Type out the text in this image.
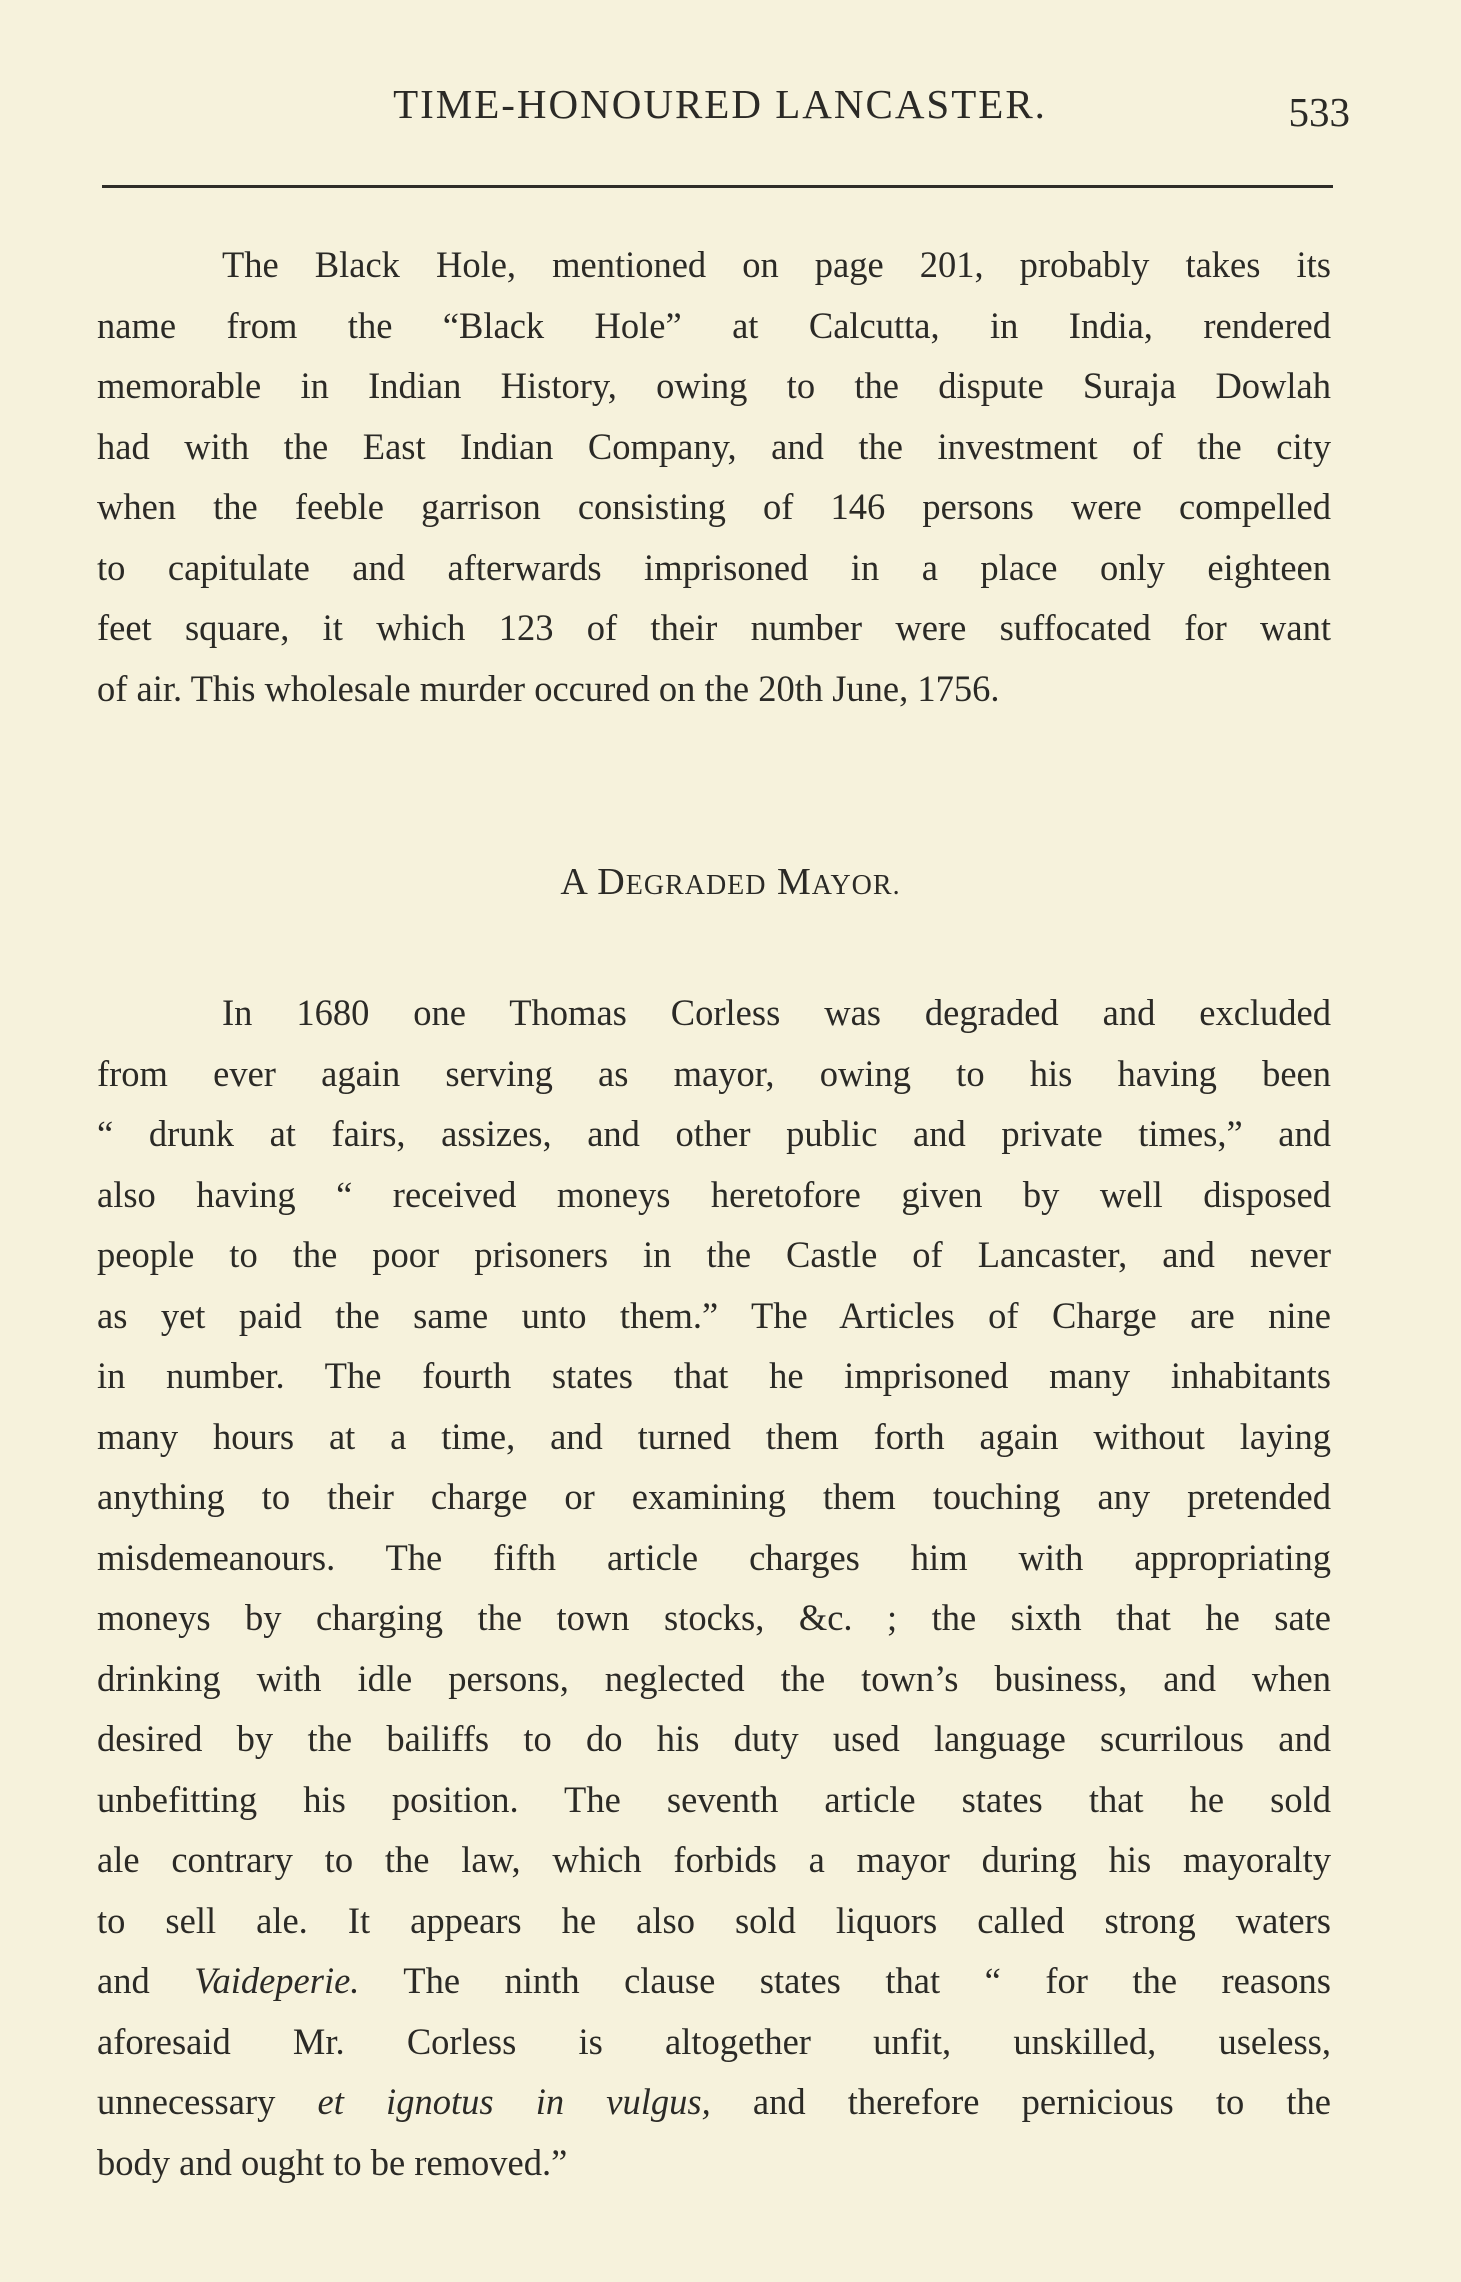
TIME-HONOURED LANCASTER.	533
The Black Hole, mentioned on page 201, probably takes its
name from the “Black Hole” at Calcutta, in India, rendered
memorable in Indian History, owing to the dispute Suraja Dowlah
had with the East Indian Company, and the investment of the city
when the feeble garrison consisting of 146 persons were compelled
to capitulate and afterwards imprisoned in a place only eighteen
feet square, it which 123 of their number were suffocated for want
of air. This wholesale murder occured on the 20th June, 1756.
A DEGRADED MAYOR.
In 1680 one Thomas Corless was degraded and excluded
from ever again serving as mayor, owing to his having been
“ drunk at fairs, assizes, and other public and private times,” and
also having “ received moneys heretofore given by well disposed
people to the poor prisoners in the Castle of Lancaster, and never
as yet paid the same unto them.” The Articles of Charge are nine
in number. The fourth states that he imprisoned many inhabitants
many hours at a time, and turned them forth again without laying
anything to their charge or examining them touching any pretended
misdemeanours. The fifth article charges him with appropriating
moneys by charging the town stocks, &c. ; the sixth that he sate
drinking with idle persons, neglected the town’s business, and when
desired by the bailiffs to do his duty used language scurrilous and
unbefitting his position. The seventh article states that he sold
ale contrary to the law, which forbids a mayor during his mayoralty
to sell ale. It appears he also sold liquors called strong waters
and Vaideperie. The ninth clause states that “ for the reasons
aforesaid Mr. Corless is altogether unfit, unskilled, useless,
unnecessary et ignotus in vulgus, and therefore pernicious to the
body and ought to be removed.”
